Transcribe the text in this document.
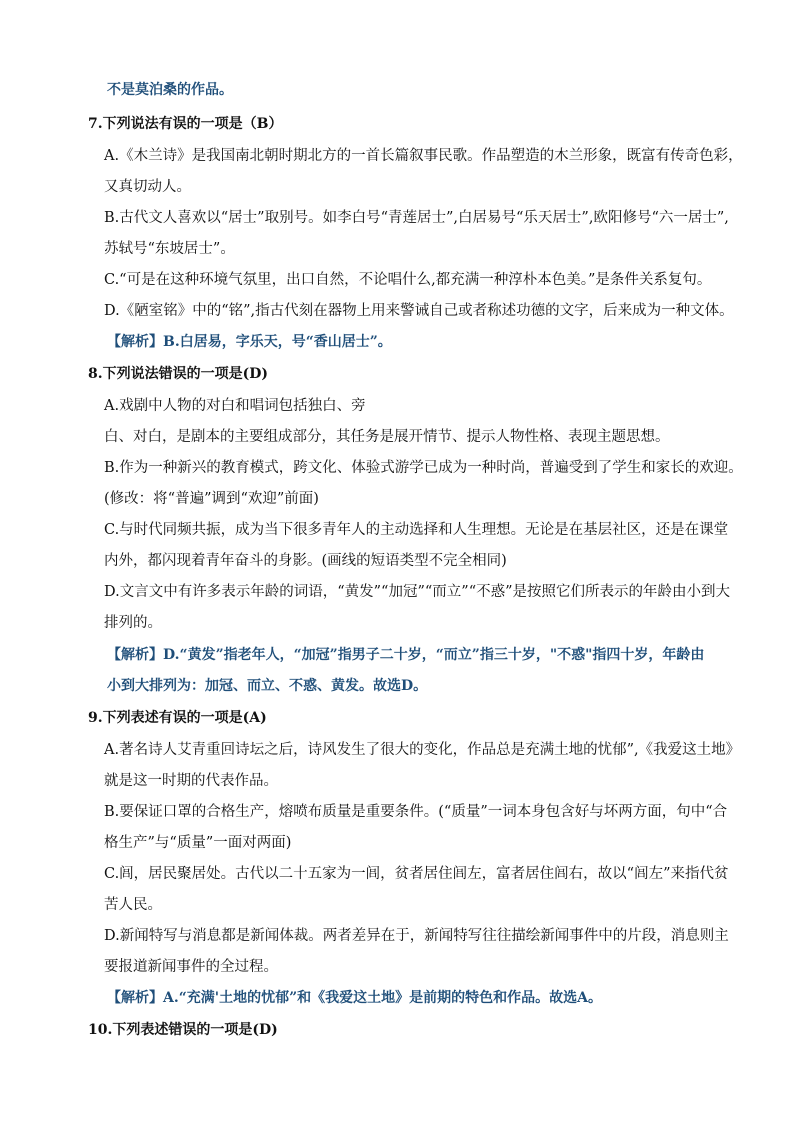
不是莫泊桑的作品。
7.下列说法有误的一项是（B）
A.《木兰诗》是我国南北朝时期北方的一首长篇叙事民歌。作品塑造的木兰形象，既富有传奇色彩，
又真切动人。
B.古代文人喜欢以“居士”取别号。如李白号“青莲居士”,白居易号“乐天居士”,欧阳修号“六一居士”,
苏轼号“东坡居士”。
C.“可是在这种环境气氛里，出口自然，不论唱什么,都充满一种淳朴本色美。”是条件关系复句。
D.《陋室铭》中的“铭”,指古代刻在器物上用来警诫自己或者称述功德的文字，后来成为一种文体。
【解析】B.白居易，字乐天，号“香山居士”。
8.下列说法错误的一项是(D)
A.戏剧中人物的对白和唱词包括独白、旁
白、对白，是剧本的主要组成部分，其任务是展开情节、提示人物性格、表现主题思想。
B.作为一种新兴的教育模式，跨文化、体验式游学已成为一种时尚，普遍受到了学生和家长的欢迎。
(修改：将“普遍”调到“欢迎”前面)
C.与时代同频共振，成为当下很多青年人的主动选择和人生理想。无论是在基层社区，还是在课堂
内外，都闪现着青年奋斗的身影。(画线的短语类型不完全相同)
D.文言文中有许多表示年龄的词语，“黄发”“加冠”“而立”“不惑”是按照它们所表示的年龄由小到大
排列的。
【解析】D.“黄发”指老年人，“加冠”指男子二十岁，“而立”指三十岁，"不惑"指四十岁，年龄由
小到大排列为：加冠、而立、不惑、黄发。故选D。
9.下列表述有误的一项是(A)
A.著名诗人艾青重回诗坛之后，诗风发生了很大的变化，作品总是充满土地的忧郁”,《我爱这土地》
就是这一时期的代表作品。
B.要保证口罩的合格生产，熔喷布质量是重要条件。(“质量”一词本身包含好与坏两方面，句中“合
格生产”与“质量”一面对两面)
C.闾，居民聚居处。古代以二十五家为一闾，贫者居住闾左，富者居住闾右，故以“闾左”来指代贫
苦人民。
D.新闻特写与消息都是新闻体裁。两者差异在于，新闻特写往往描绘新闻事件中的片段，消息则主
要报道新闻事件的全过程。
【解析】A.“充满'土地的忧郁”和《我爱这土地》是前期的特色和作品。故选A。
10.下列表述错误的一项是(D)
